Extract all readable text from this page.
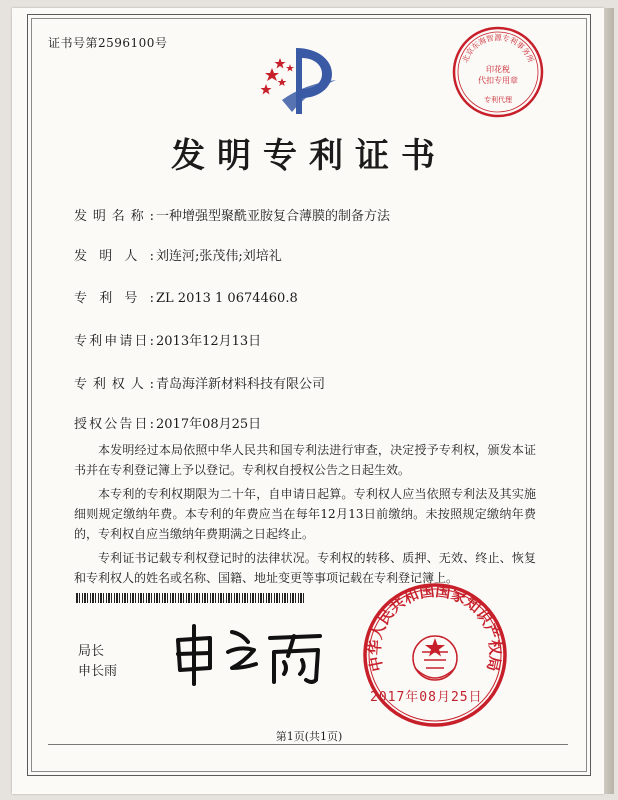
证书号第2596100号
发明专利证书
发明名称: 一种增强型聚酰亚胺复合薄膜的制备方法
发明人: 刘连河;张茂伟;刘培礼
专利号: ZL 2013 1 0674460.8
专利申请日: 2013年12月13日
专利权人: 青岛海洋新材料科技有限公司
授权公告日: 2017年08月25日

本发明经过本局依照中华人民共和国专利法进行审查，决定授予专利权，颁发本证书并在专利登记簿上予以登记。专利权自授权公告之日起生效。

本专利的专利权期限为二十年，自申请日起算。专利权人应当依照专利法及其实施细则规定缴纳年费。本专利的年费应当在每年12月13日前缴纳。未按照规定缴纳年费的，专利权自应当缴纳年费期满之日起终止。

专利证书记载专利权登记时的法律状况。专利权的转移、质押、无效、终止、恢复和专利权人的姓名或名称、国籍、地址变更等事项记载在专利登记簿上。

北京东海智源专利事务所
印花税
代扣专用章
专利代理
局长
申长雨	中华人民共和国国家知识产权局
2017年08月25日
第1页(共1页)
